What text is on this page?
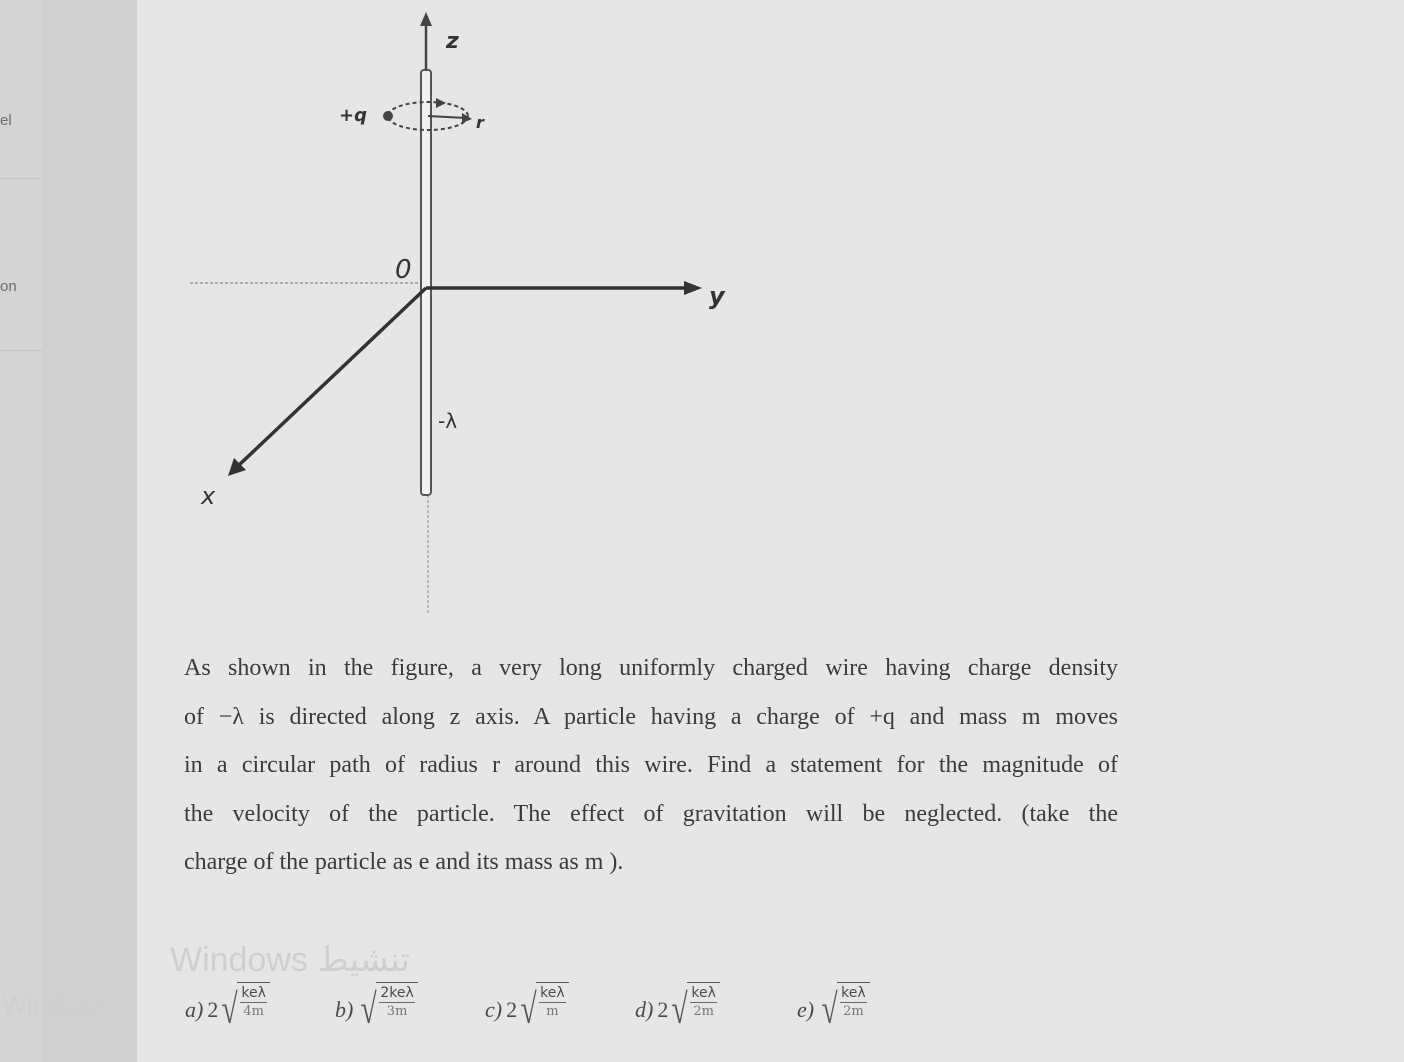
el
on
z
y
x
0
+q	r
-λ
As shown in the figure, a very long uniformly charged wire having charge density
of −λ is directed along z axis. A particle having a charge of +q and mass m moves
in a circular path of radius r around this wire. Find a statement for the magnitude of
the velocity of the particle. The effect of gravitation will be neglected. (take the
charge of the particle as e and its mass as m ).
Windows تنشيط
Windows	a) 2 √ $\frac{\text{keλ}}{4m}$	b) √ $\frac{\text{2keλ}}{3m}$	c) 2 √ $\frac{\text{keλ}}{m}$	d) 2 √ $\frac{\text{keλ}}{2m}$	e) √ $\frac{\text{keλ}}{2m}$
